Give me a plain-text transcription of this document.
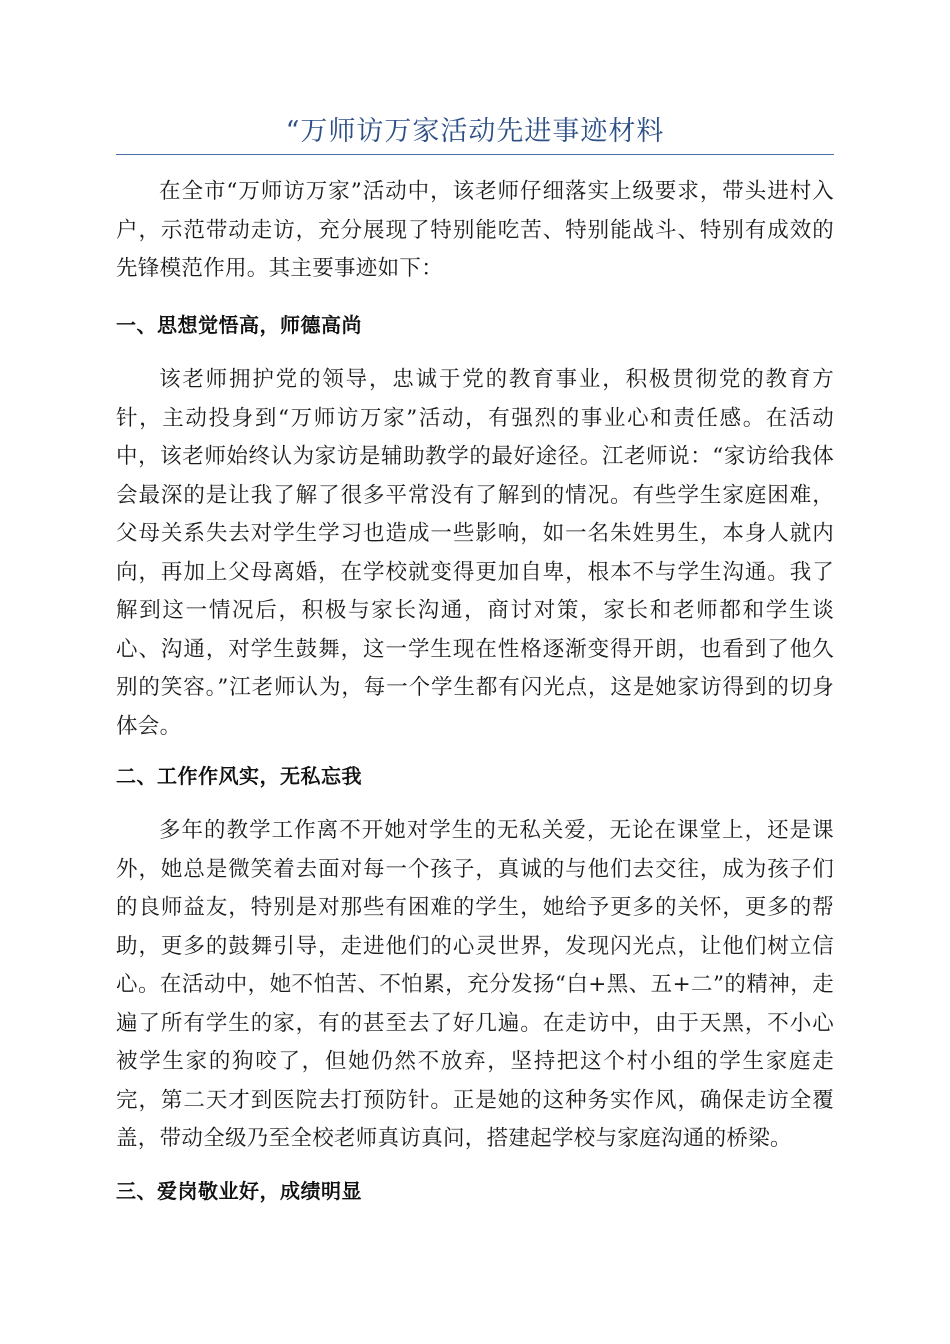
“万师访万家活动先进事迹材料

在全市“万师访万家”活动中，该老师仔细落实上级要求，带头进村入户，示范带动走访，充分展现了特别能吃苦、特别能战斗、特别有成效的先锋模范作用。其主要事迹如下：

一、思想觉悟高，师德高尚

该老师拥护党的领导，忠诚于党的教育事业，积极贯彻党的教育方针，主动投身到“万师访万家”活动，有强烈的事业心和责任感。在活动中，该老师始终认为家访是辅助教学的最好途径。江老师说：“家访给我体会最深的是让我了解了很多平常没有了解到的情况。有些学生家庭困难，父母关系失去对学生学习也造成一些影响，如一名朱姓男生，本身人就内向，再加上父母离婚，在学校就变得更加自卑，根本不与学生沟通。我了解到这一情况后，积极与家长沟通，商讨对策，家长和老师都和学生谈心、沟通，对学生鼓舞，这一学生现在性格逐渐变得开朗，也看到了他久别的笑容。”江老师认为，每一个学生都有闪光点，这是她家访得到的切身体会。

二、工作作风实，无私忘我

多年的教学工作离不开她对学生的无私关爱，无论在课堂上，还是课外，她总是微笑着去面对每一个孩子，真诚的与他们去交往，成为孩子们的良师益友，特别是对那些有困难的学生，她给予更多的关怀，更多的帮助，更多的鼓舞引导，走进他们的心灵世界，发现闪光点，让他们树立信心。在活动中，她不怕苦、不怕累，充分发扬“白+黑、五+二”的精神，走遍了所有学生的家，有的甚至去了好几遍。在走访中，由于天黑，不小心被学生家的狗咬了，但她仍然不放弃，坚持把这个村小组的学生家庭走完，第二天才到医院去打预防针。正是她的这种务实作风，确保走访全覆盖，带动全级乃至全校老师真访真问，搭建起学校与家庭沟通的桥梁。

三、爱岗敬业好，成绩明显
